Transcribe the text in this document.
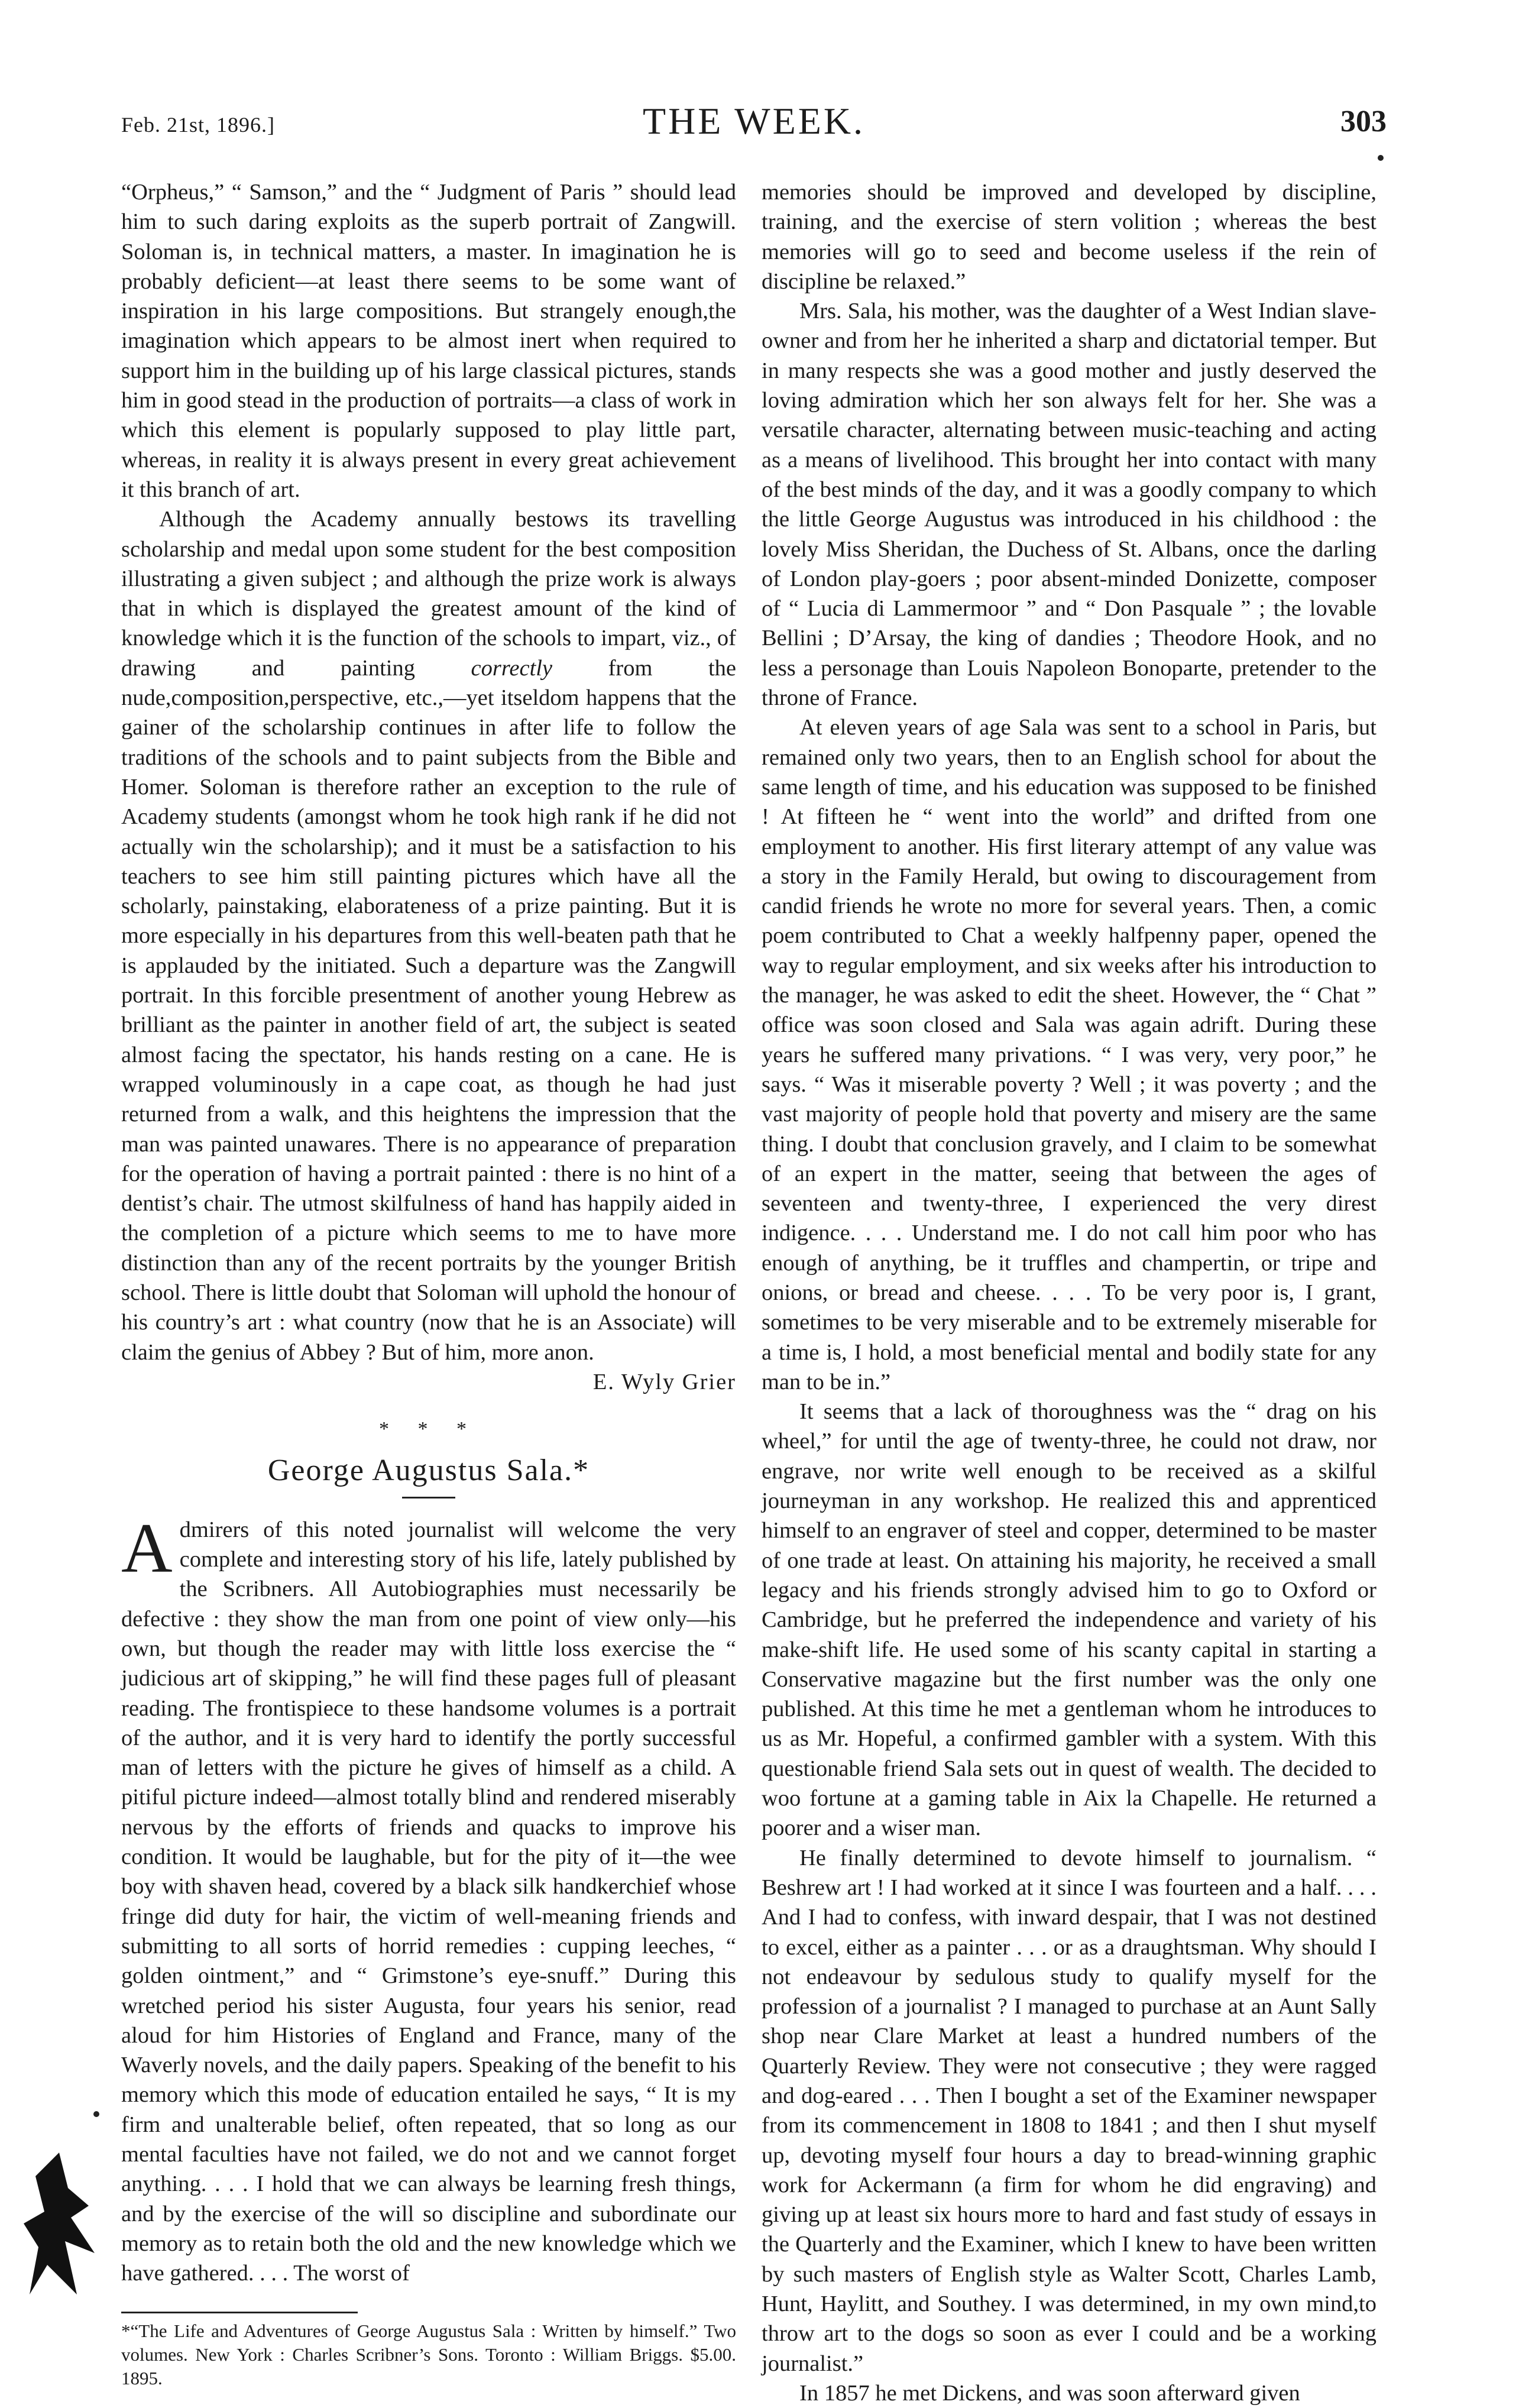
Feb. 21st, 1896.]	THE WEEK.	303

“Orpheus,” “ Samson,” and the “ Judgment of Paris ” should lead him to such daring exploits as the superb portrait of Zangwill. Soloman is, in technical matters, a master. In imagination he is probably deficient—at least there seems to be some want of inspiration in his large compositions. But strangely enough,the imagination which appears to be almost inert when required to support him in the building up of his large classical pictures, stands him in good stead in the production of portraits—a class of work in which this element is popularly supposed to play little part, whereas, in reality it is always present in every great achievement it this branch of art.

Although the Academy annually bestows its travelling scholarship and medal upon some student for the best composition illustrating a given subject ; and although the prize work is always that in which is displayed the greatest amount of the kind of knowledge which it is the function of the schools to impart, viz., of drawing and painting correctly from the nude,composition,perspective, etc.,—yet itseldom happens that the gainer of the scholarship continues in after life to follow the traditions of the schools and to paint subjects from the Bible and Homer. Soloman is therefore rather an exception to the rule of Academy students (amongst whom he took high rank if he did not actually win the scholarship); and it must be a satisfaction to his teachers to see him still painting pictures which have all the scholarly, painstaking, elaborateness of a prize painting. But it is more especially in his departures from this well-beaten path that he is applauded by the initiated. Such a departure was the Zangwill portrait. In this forcible presentment of another young Hebrew as brilliant as the painter in another field of art, the subject is seated almost facing the spectator, his hands resting on a cane. He is wrapped voluminously in a cape coat, as though he had just returned from a walk, and this heightens the impression that the man was painted unawares. There is no appearance of preparation for the operation of having a portrait painted : there is no hint of a dentist’s chair. The utmost skilfulness of hand has happily aided in the completion of a picture which seems to me to have more distinction than any of the recent portraits by the younger British school. There is little doubt that Soloman will uphold the honour of his country’s art : what country (now that he is an Associate) will claim the genius of Abbey ? But of him, more anon.

E. Wyly Grier

* * *
George Augustus Sala.*

Admirers of this noted journalist will welcome the very complete and interesting story of his life, lately published by the Scribners. All Autobiographies must necessarily be defective : they show the man from one point of view only—his own, but though the reader may with little loss exercise the “ judicious art of skipping,” he will find these pages full of pleasant reading. The frontispiece to these handsome volumes is a portrait of the author, and it is very hard to identify the portly successful man of letters with the picture he gives of himself as a child. A pitiful picture indeed—almost totally blind and rendered miserably nervous by the efforts of friends and quacks to improve his condition. It would be laughable, but for the pity of it—the wee boy with shaven head, covered by a black silk handkerchief whose fringe did duty for hair, the victim of well-meaning friends and submitting to all sorts of horrid remedies : cupping leeches, “ golden ointment,” and “ Grimstone’s eye-snuff.” During this wretched period his sister Augusta, four years his senior, read aloud for him Histories of England and France, many of the Waverly novels, and the daily papers. Speaking of the benefit to his memory which this mode of education entailed he says, “ It is my firm and unalterable belief, often repeated, that so long as our mental faculties have not failed, we do not and we cannot forget anything. . . . I hold that we can always be learning fresh things, and by the exercise of the will so discipline and subordinate our memory as to retain both the old and the new knowledge which we have gathered. . . . The worst of

*“The Life and Adventures of George Augustus Sala : Written by himself.” Two volumes. New York : Charles Scribner’s Sons. Toronto : William Briggs. $5.00. 1895.

memories should be improved and developed by discipline, training, and the exercise of stern volition ; whereas the best memories will go to seed and become useless if the rein of discipline be relaxed.”

Mrs. Sala, his mother, was the daughter of a West Indian slave-owner and from her he inherited a sharp and dictatorial temper. But in many respects she was a good mother and justly deserved the loving admiration which her son always felt for her. She was a versatile character, alternating between music-teaching and acting as a means of livelihood. This brought her into contact with many of the best minds of the day, and it was a goodly company to which the little George Augustus was introduced in his childhood : the lovely Miss Sheridan, the Duchess of St. Albans, once the darling of London play-goers ; poor absent-minded Donizette, composer of “ Lucia di Lammermoor ” and “ Don Pasquale ” ; the lovable Bellini ; D’Arsay, the king of dandies ; Theodore Hook, and no less a personage than Louis Napoleon Bonoparte, pretender to the throne of France.

At eleven years of age Sala was sent to a school in Paris, but remained only two years, then to an English school for about the same length of time, and his education was supposed to be finished ! At fifteen he “ went into the world” and drifted from one employment to another. His first literary attempt of any value was a story in the Family Herald, but owing to discouragement from candid friends he wrote no more for several years. Then, a comic poem contributed to Chat a weekly halfpenny paper, opened the way to regular employment, and six weeks after his introduction to the manager, he was asked to edit the sheet. However, the “ Chat ” office was soon closed and Sala was again adrift. During these years he suffered many privations. “ I was very, very poor,” he says. “ Was it miserable poverty ? Well ; it was poverty ; and the vast majority of people hold that poverty and misery are the same thing. I doubt that conclusion gravely, and I claim to be somewhat of an expert in the matter, seeing that between the ages of seventeen and twenty-three, I experienced the very direst indigence. . . . Understand me. I do not call him poor who has enough of anything, be it truffles and champertin, or tripe and onions, or bread and cheese. . . . To be very poor is, I grant, sometimes to be very miserable and to be extremely miserable for a time is, I hold, a most beneficial mental and bodily state for any man to be in.”

It seems that a lack of thoroughness was the “ drag on his wheel,” for until the age of twenty-three, he could not draw, nor engrave, nor write well enough to be received as a skilful journeyman in any workshop. He realized this and apprenticed himself to an engraver of steel and copper, determined to be master of one trade at least. On attaining his majority, he received a small legacy and his friends strongly advised him to go to Oxford or Cambridge, but he preferred the independence and variety of his make-shift life. He used some of his scanty capital in starting a Conservative magazine but the first number was the only one published. At this time he met a gentleman whom he introduces to us as Mr. Hopeful, a confirmed gambler with a system. With this questionable friend Sala sets out in quest of wealth. The decided to woo fortune at a gaming table in Aix la Chapelle. He returned a poorer and a wiser man.

He finally determined to devote himself to journalism. “ Beshrew art ! I had worked at it since I was fourteen and a half. . . . And I had to confess, with inward despair, that I was not destined to excel, either as a painter . . . or as a draughtsman. Why should I not endeavour by sedulous study to qualify myself for the profession of a journalist ? I managed to purchase at an Aunt Sally shop near Clare Market at least a hundred numbers of the Quarterly Review. They were not consecutive ; they were ragged and dog-eared . . . Then I bought a set of the Examiner newspaper from its commencement in 1808 to 1841 ; and then I shut myself up, devoting myself four hours a day to bread-winning graphic work for Ackermann (a firm for whom he did engraving) and giving up at least six hours more to hard and fast study of essays in the Quarterly and the Examiner, which I knew to have been written by such masters of English style as Walter Scott, Charles Lamb, Hunt, Haylitt, and Southey. I was determined, in my own mind,to throw art to the dogs so soon as ever I could and be a working journalist.”

In 1857 he met Dickens, and was soon afterward given
